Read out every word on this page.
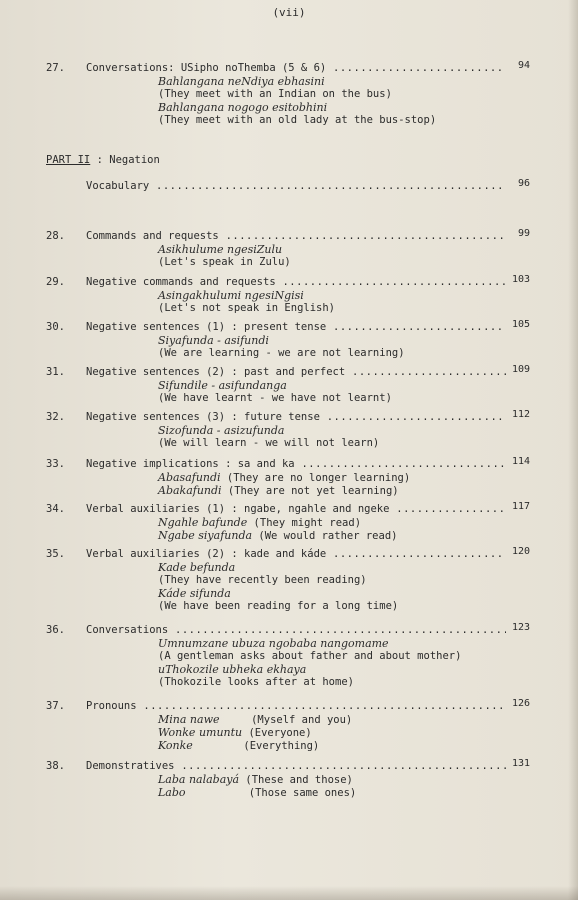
(vii)
PART II : Negation
27. Conversations: USipho noThemba (5 & 6) .....	94
Bahlangana neNdiya ebhasini
(They meet with an Indian on the bus)
Bahlangana nogogo esitobhini
(They meet with an old lady at the bus-stop)
Vocabulary .....	96
28. Commands and requests .....	99
Asikhulume ngesiZulu
(Let's speak in Zulu)
29. Negative commands and requests .....	103
Asingakhulumi ngesiNgisi
(Let's not speak in English)
30. Negative sentences (1) : present tense .....	105
Siyafunda - asifundi
(We are learning - we are not learning)
31. Negative sentences (2) : past and perfect .....	109
Sifundile - asifundanga
(We have learnt - we have not learnt)
32. Negative sentences (3) : future tense .....	112
Sizofunda - asizufunda
(We will learn - we will not learn)
33. Negative implications : sa and ka .....	114
Abasafundi (They are no longer learning)
Abakafundi (They are not yet learning)
34. Verbal auxiliaries (1) : ngabe, ngahle and ngeke .....	117
Ngahle bafunde (They might read)
Ngabe siyafunda (We would rather read)
35. Verbal auxiliaries (2) : kade and káde .....	120
Kade befunda
(They have recently been reading)
Káde sifunda
(We have been reading for a long time)
36. Conversations .....	123
Umnumzane ubuza ngobaba nangomame
(A gentleman asks about father and about mother)
uThokozile ubheka ekhaya
(Thokozile looks after at home)
37. Pronouns .....	126
Mina nawe     (Myself and you)
Wonke umuntu (Everyone)
Konke        (Everything)
38. Demonstratives .....	131
Laba nalabayá (These and those)
Labo          (Those same ones)
